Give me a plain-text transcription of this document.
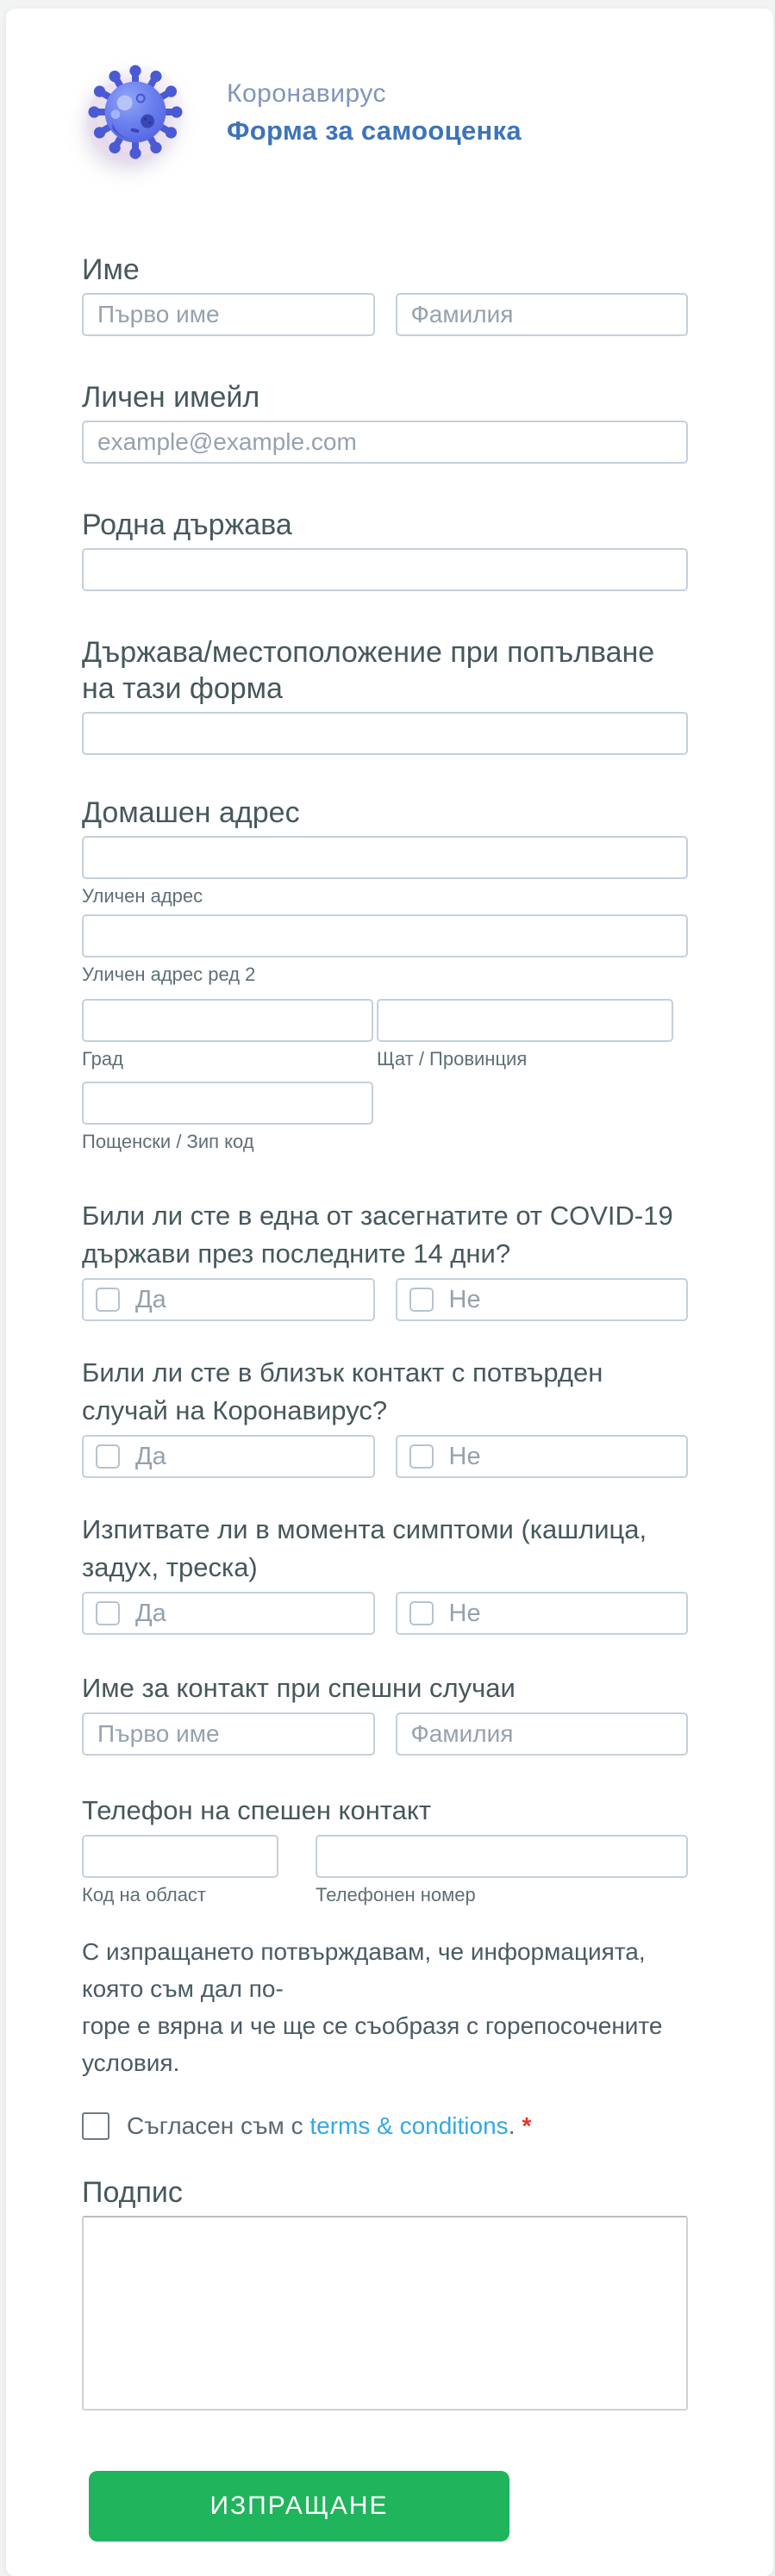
Коронавирус
Форма за самооценка
Име
Първо име
Фамилия
Личен имейл
example@example.com
Родна държава
Държава/местоположение при попълване на тази форма
Домашен адрес
Уличен адрес
Уличен адрес ред 2
Град	Щат / Провинция
Пощенски / Зип код
Били ли сте в една от засегнатите от COVID-19 държави през последните 14 дни?
Да	Не
Били ли сте в близък контакт с потвърден случай на Коронавирус?
Да	Не
Изпитвате ли в момента симптоми (кашлица, задух, треска)
Да	Не
Име за контакт при спешни случаи
Първо име
Фамилия
Телефон на спешен контакт
Код на област	Телефонен номер
С изпращането потвърждавам, че информацията, която съм дал по-
горе е вярна и че ще се съобразя с горепосочените условия.
Съгласен съм с terms & conditions. *
Подпис
ИЗПРАЩАНЕ
